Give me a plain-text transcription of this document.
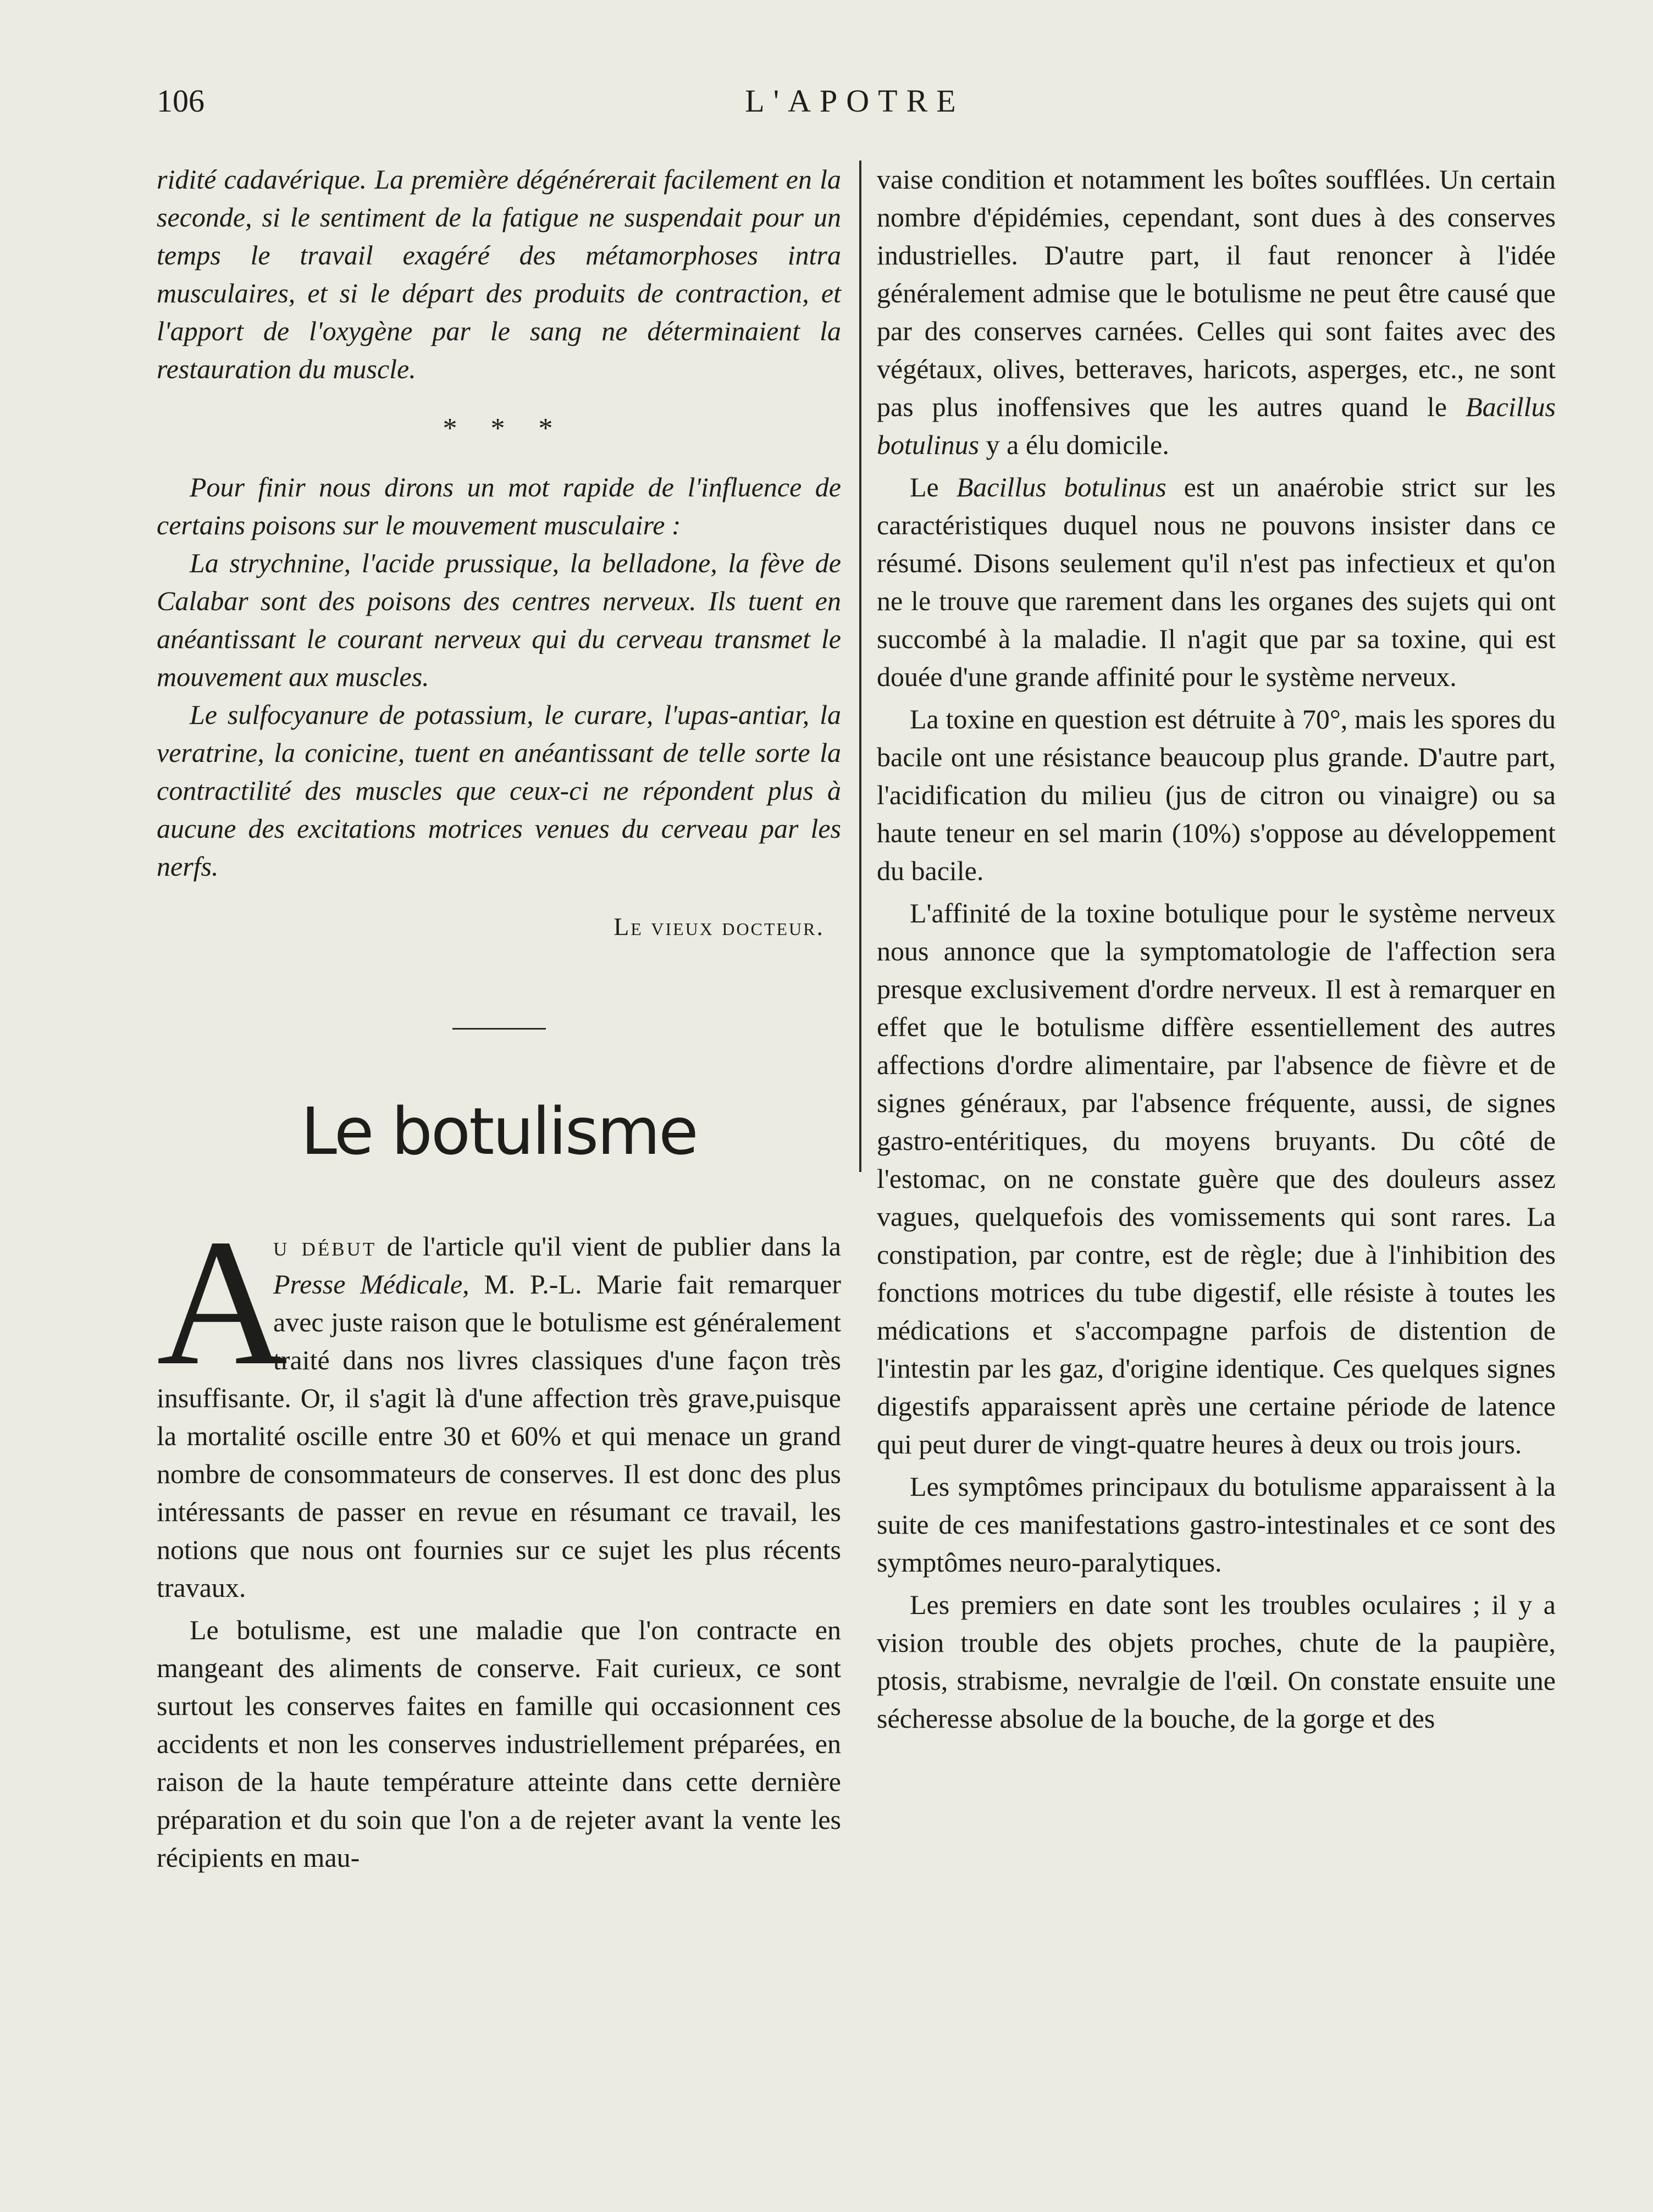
106	L'APOTRE

ridité cadavérique. La première dégénérerait facilement en la seconde, si le sentiment de la fatigue ne suspendait pour un temps le travail exagéré des métamorphoses intra musculaires, et si le départ des produits de contraction, et l'apport de l'oxygène par le sang ne déterminaient la restauration du muscle.

* * *

Pour finir nous dirons un mot rapide de l'influence de certains poisons sur le mouvement musculaire :

La strychnine, l'acide prussique, la belladone, la fève de Calabar sont des poisons des centres nerveux. Ils tuent en anéantissant le courant nerveux qui du cerveau transmet le mouvement aux muscles.

Le sulfocyanure de potassium, le curare, l'upas-antiar, la veratrine, la conicine, tuent en anéantissant de telle sorte la contractilité des muscles que ceux-ci ne répondent plus à aucune des excitations motrices venues du cerveau par les nerfs.

Le vieux docteur.
Le botulisme

A
u début de l'article qu'il vient de publier dans la Presse Médicale, M. P.-L. Marie fait remarquer avec juste raison que le botulisme est généralement traité dans nos livres classiques d'une façon très insuffisante. Or, il s'agit là d'une affection très grave,puisque la mortalité oscille entre 30 et 60% et qui menace un grand nombre de consommateurs de conserves. Il est donc des plus intéressants de passer en revue en résumant ce travail, les notions que nous ont fournies sur ce sujet les plus récents travaux.

Le botulisme, est une maladie que l'on contracte en mangeant des aliments de conserve. Fait curieux, ce sont surtout les conserves faites en famille qui occasionnent ces accidents et non les conserves industriellement préparées, en raison de la haute température atteinte dans cette dernière préparation et du soin que l'on a de rejeter avant la vente les récipients en mau-

vaise condition et notamment les boîtes soufflées. Un certain nombre d'épidémies, cependant, sont dues à des conserves industrielles. D'autre part, il faut renoncer à l'idée généralement admise que le botulisme ne peut être causé que par des conserves carnées. Celles qui sont faites avec des végétaux, olives, betteraves, haricots, asperges, etc., ne sont pas plus inoffensives que les autres quand le Bacillus botulinus y a élu domicile.

Le Bacillus botulinus est un anaérobie strict sur les caractéristiques duquel nous ne pouvons insister dans ce résumé. Disons seulement qu'il n'est pas infectieux et qu'on ne le trouve que rarement dans les organes des sujets qui ont succombé à la maladie. Il n'agit que par sa toxine, qui est douée d'une grande affinité pour le système nerveux.

La toxine en question est détruite à 70°, mais les spores du bacile ont une résistance beaucoup plus grande. D'autre part, l'acidification du milieu (jus de citron ou vinaigre) ou sa haute teneur en sel marin (10%) s'oppose au développement du bacile.

L'affinité de la toxine botulique pour le système nerveux nous annonce que la symptomatologie de l'affection sera presque exclusivement d'ordre nerveux. Il est à remarquer en effet que le botulisme diffère essentiellement des autres affections d'ordre alimentaire, par l'absence de fièvre et de signes généraux, par l'absence fréquente, aussi, de signes gastro-entéritiques, du moyens bruyants. Du côté de l'estomac, on ne constate guère que des douleurs assez vagues, quelquefois des vomissements qui sont rares. La constipation, par contre, est de règle; due à l'inhibition des fonctions motrices du tube digestif, elle résiste à toutes les médications et s'accompagne parfois de distention de l'intestin par les gaz, d'origine identique. Ces quelques signes digestifs apparaissent après une certaine période de latence qui peut durer de vingt-quatre heures à deux ou trois jours.

Les symptômes principaux du botulisme apparaissent à la suite de ces manifestations gastro-intestinales et ce sont des symptômes neuro-paralytiques.

Les premiers en date sont les troubles oculaires ; il y a vision trouble des objets proches, chute de la paupière, ptosis, strabisme, nevralgie de l'œil. On constate ensuite une sécheresse absolue de la bouche, de la gorge et des
